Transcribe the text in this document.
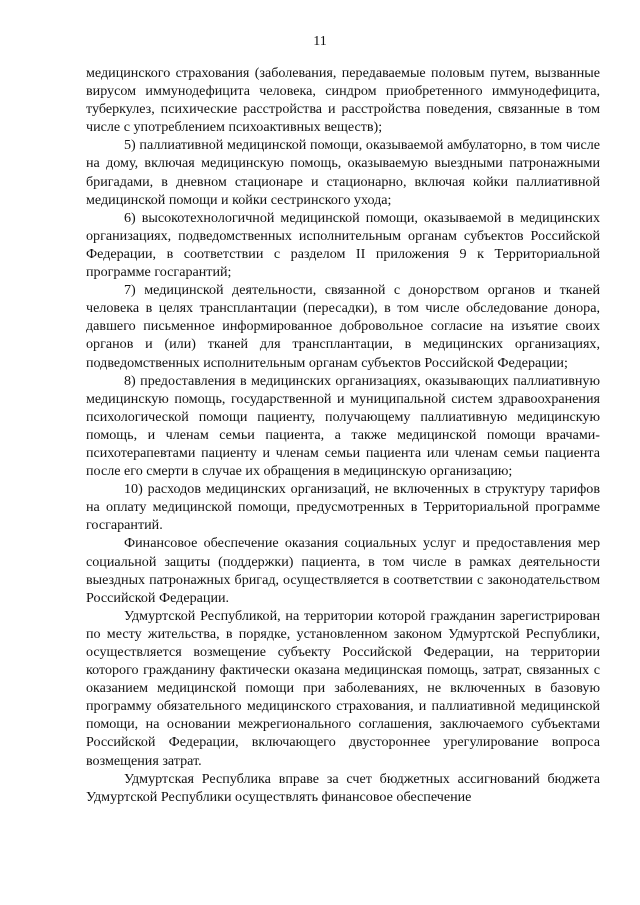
11

медицинского страхования (заболевания, передаваемые половым путем, вызванные вирусом иммунодефицита человека, синдром приобретенного иммунодефицита, туберкулез, психические расстройства и расстройства поведения, связанные в том числе с употреблением психоактивных веществ);

5) паллиативной медицинской помощи, оказываемой амбулаторно, в том числе на дому, включая медицинскую помощь, оказываемую выездными патронажными бригадами, в дневном стационаре и стационарно, включая койки паллиативной медицинской помощи и койки сестринского ухода;

6) высокотехнологичной медицинской помощи, оказываемой в медицинских организациях, подведомственных исполнительным органам субъектов Российской Федерации, в соответствии с разделом II приложения 9 к Территориальной программе госгарантий;

7) медицинской деятельности, связанной с донорством органов и тканей человека в целях трансплантации (пересадки), в том числе обследование донора, давшего письменное информированное добровольное согласие на изъятие своих органов и (или) тканей для трансплантации, в медицинских организациях, подведомственных исполнительным органам субъектов Российской Федерации;

8) предоставления в медицинских организациях, оказывающих паллиативную медицинскую помощь, государственной и муниципальной систем здравоохранения психологической помощи пациенту, получающему паллиативную медицинскую помощь, и членам семьи пациента, а также медицинской помощи врачами-психотерапевтами пациенту и членам семьи пациента или членам семьи пациента после его смерти в случае их обращения в медицинскую организацию;

10) расходов медицинских организаций, не включенных в структуру тарифов на оплату медицинской помощи, предусмотренных в Территориальной программе госгарантий.

Финансовое обеспечение оказания социальных услуг и предоставления мер социальной защиты (поддержки) пациента, в том числе в рамках деятельности выездных патронажных бригад, осуществляется в соответствии с законодательством Российской Федерации.

Удмуртской Республикой, на территории которой гражданин зарегистрирован по месту жительства, в порядке, установленном законом Удмуртской Республики, осуществляется возмещение субъекту Российской Федерации, на территории которого гражданину фактически оказана медицинская помощь, затрат, связанных с оказанием медицинской помощи при заболеваниях, не включенных в базовую программу обязательного медицинского страхования, и паллиативной медицинской помощи, на основании межрегионального соглашения, заключаемого субъектами Российской Федерации, включающего двустороннее урегулирование вопроса возмещения затрат.

Удмуртская Республика вправе за счет бюджетных ассигнований бюджета Удмуртской Республики осуществлять финансовое обеспечение
